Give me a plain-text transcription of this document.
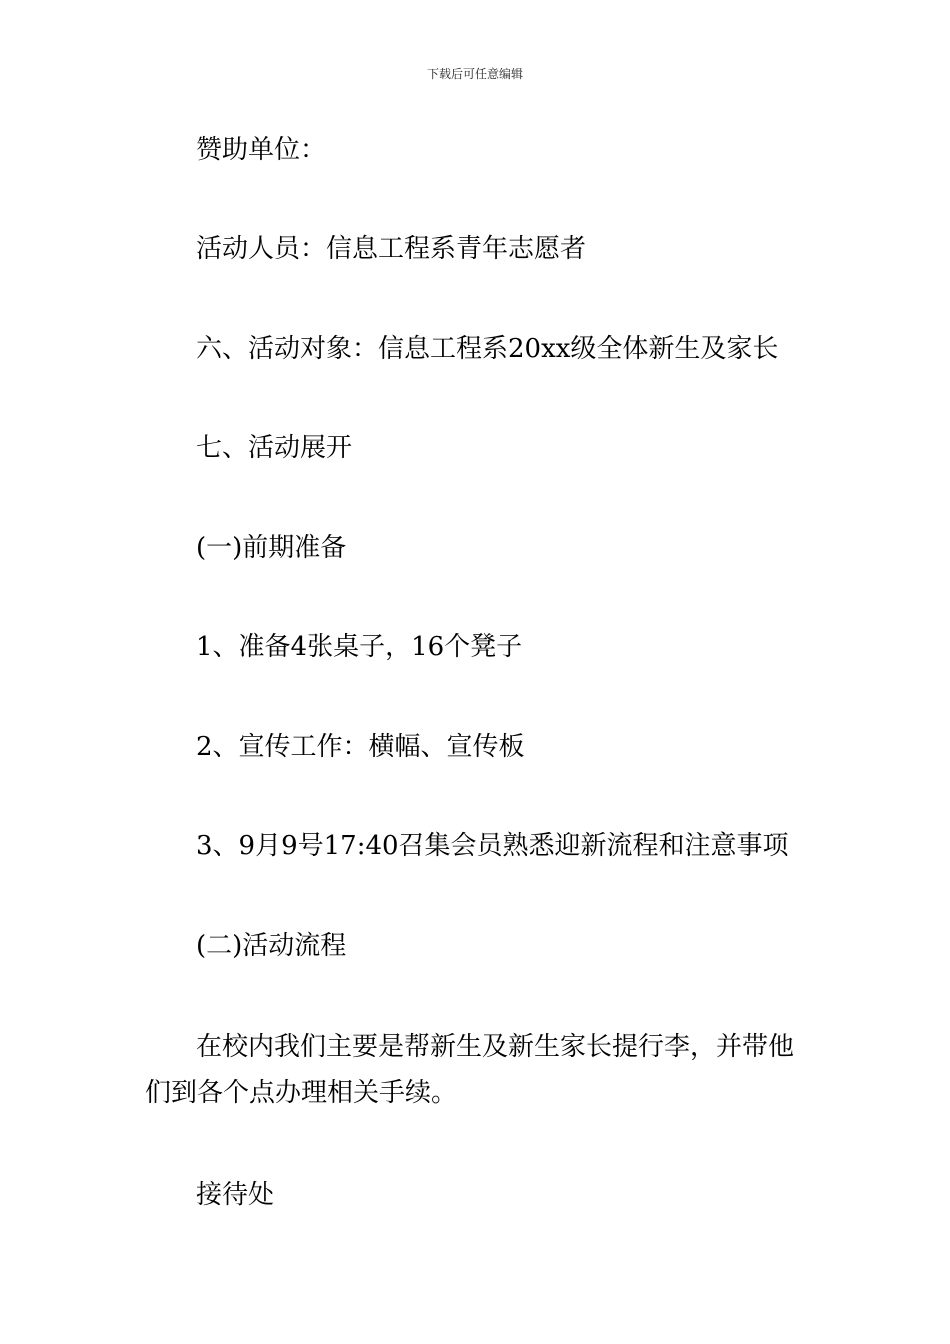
下载后可任意编辑
赞助单位：
活动人员：信息工程系青年志愿者
六、活动对象：信息工程系20xx级全体新生及家长
七、活动展开
(一)前期准备
1、准备4张桌子，16个凳子
2、宣传工作：横幅、宣传板
3、9月9号17:40召集会员熟悉迎新流程和注意事项
(二)活动流程
在校内我们主要是帮新生及新生家长提行李，并带他们到各个点办理相关手续。
接待处
